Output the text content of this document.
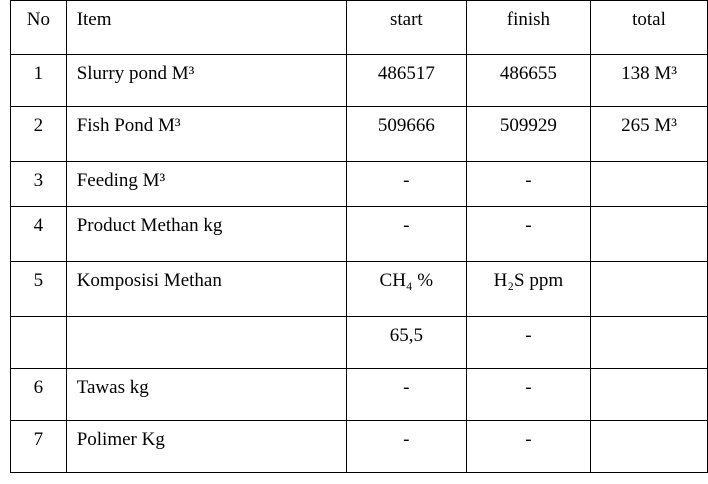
No	Item	start	finish	total
1	Slurry pond M³	486517	486655	138 M³
2	Fish Pond M³	509666	509929	265 M³
3	Feeding M³	-	-	
4	Product Methan kg	-	-	
5	Komposisi Methan	CH₄ %	H₂S ppm	
		65,5	-	
6	Tawas kg	-	-	
7	Polimer Kg	-	-	
